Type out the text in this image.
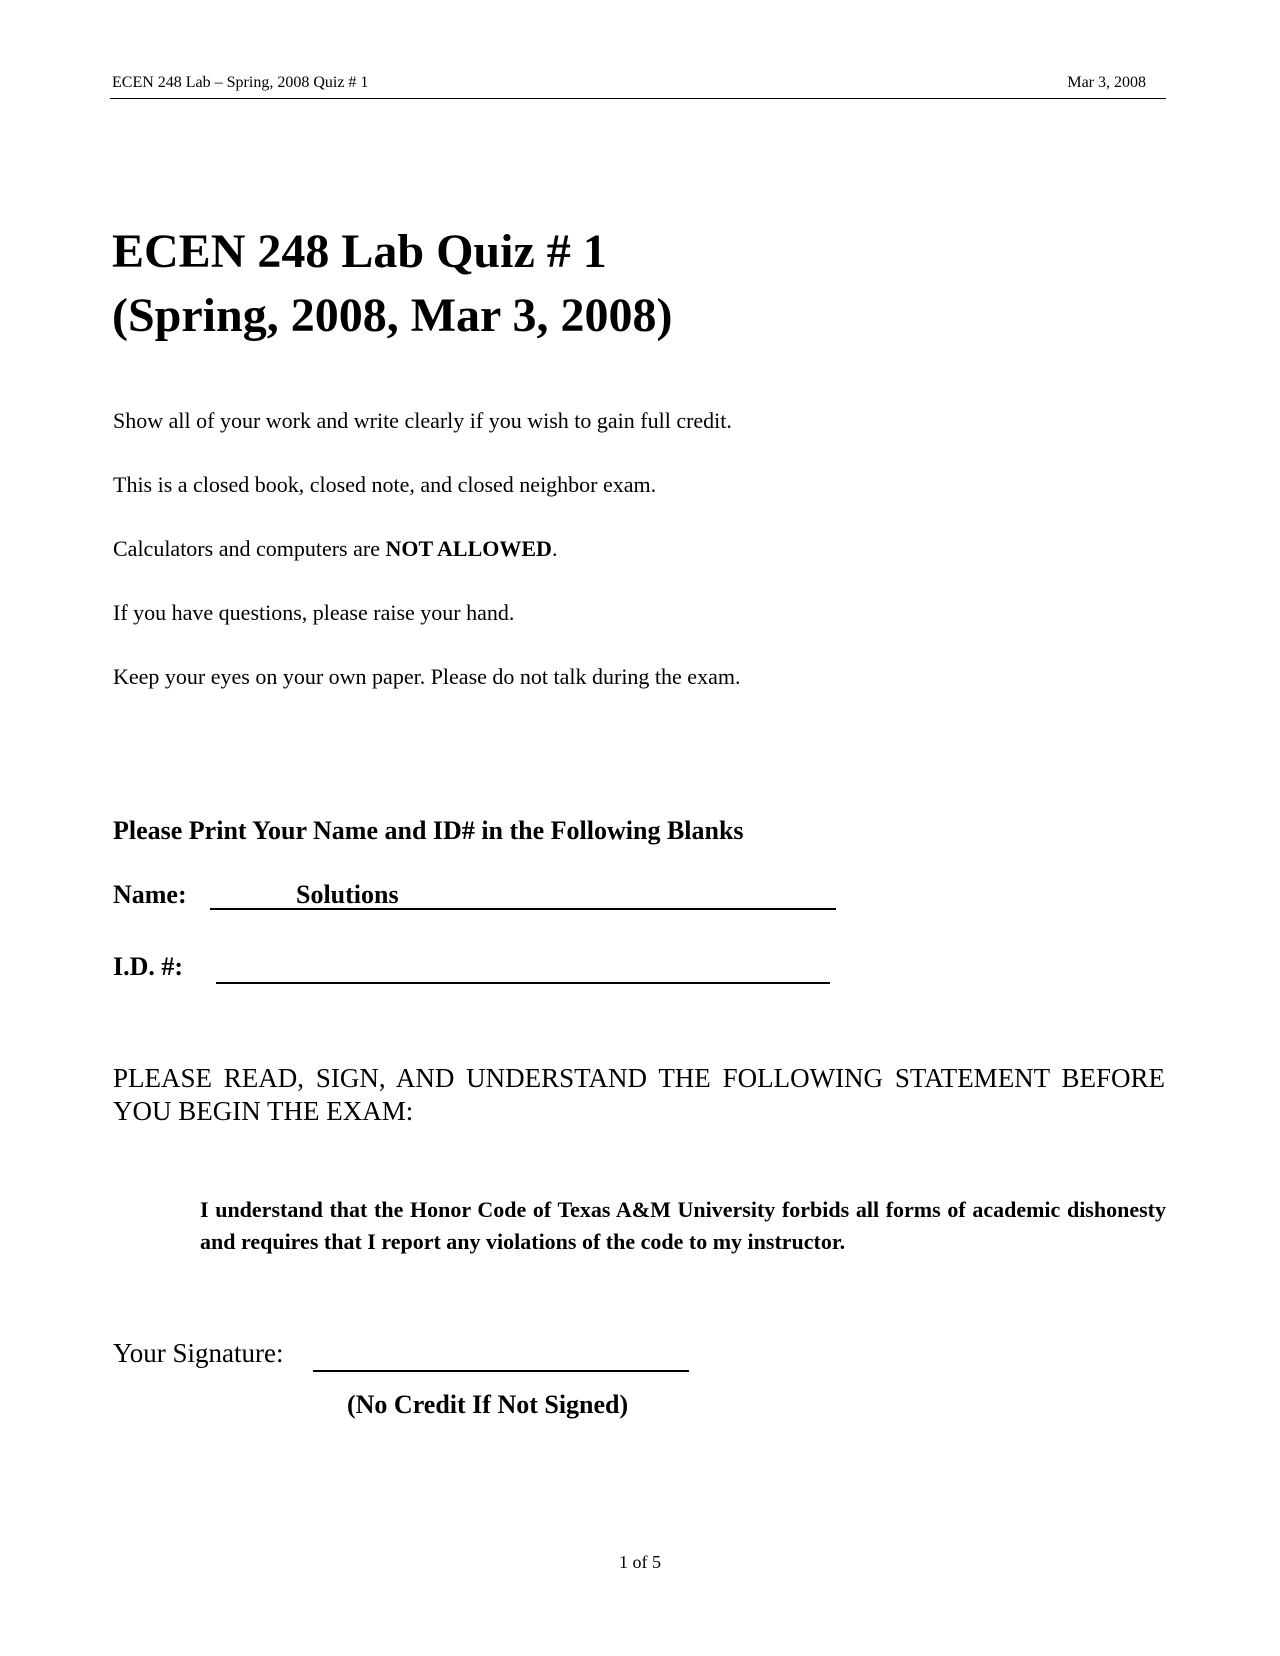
ECEN 248 Lab – Spring, 2008 Quiz # 1	Mar 3, 2008
ECEN 248 Lab Quiz # 1
(Spring, 2008, Mar 3, 2008)
Show all of your work and write clearly if you wish to gain full credit.
This is a closed book, closed note, and closed neighbor exam.
Calculators and computers are NOT ALLOWED.
If you have questions, please raise your hand.
Keep your eyes on your own paper. Please do not talk during the exam.
Please Print Your Name and ID# in the Following Blanks
Name:	Solutions
I.D. #:
PLEASE READ, SIGN, AND UNDERSTAND THE FOLLOWING STATEMENT BEFORE YOU BEGIN THE EXAM:
I understand that the Honor Code of Texas A&M University forbids all forms of academic dishonesty and requires that I report any violations of the code to my instructor.
Your Signature:
(No Credit If Not Signed)
1 of 5
